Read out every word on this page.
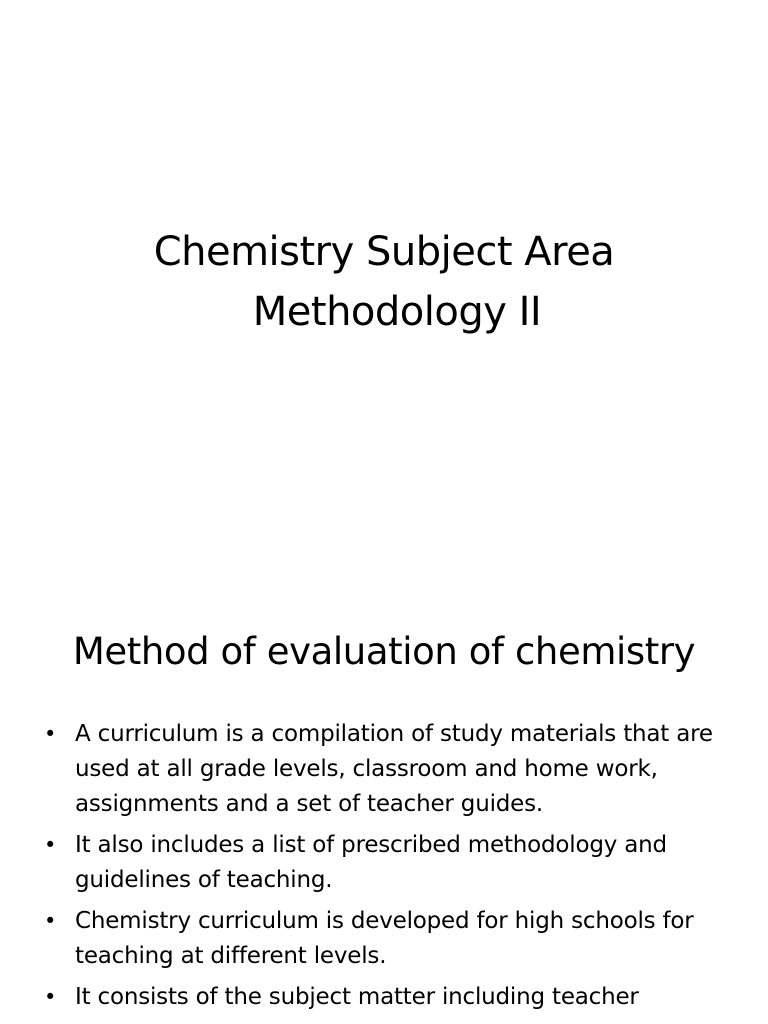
Chemistry Subject Area
Methodology II
Method of evaluation of chemistry
• A curriculum is a compilation of study materials that are used at all grade levels, classroom and home work, assignments and a set of teacher guides.
• It also includes a list of prescribed methodology and guidelines of teaching.
• Chemistry curriculum is developed for high schools for teaching at different levels.
• It consists of the subject matter including teacher
